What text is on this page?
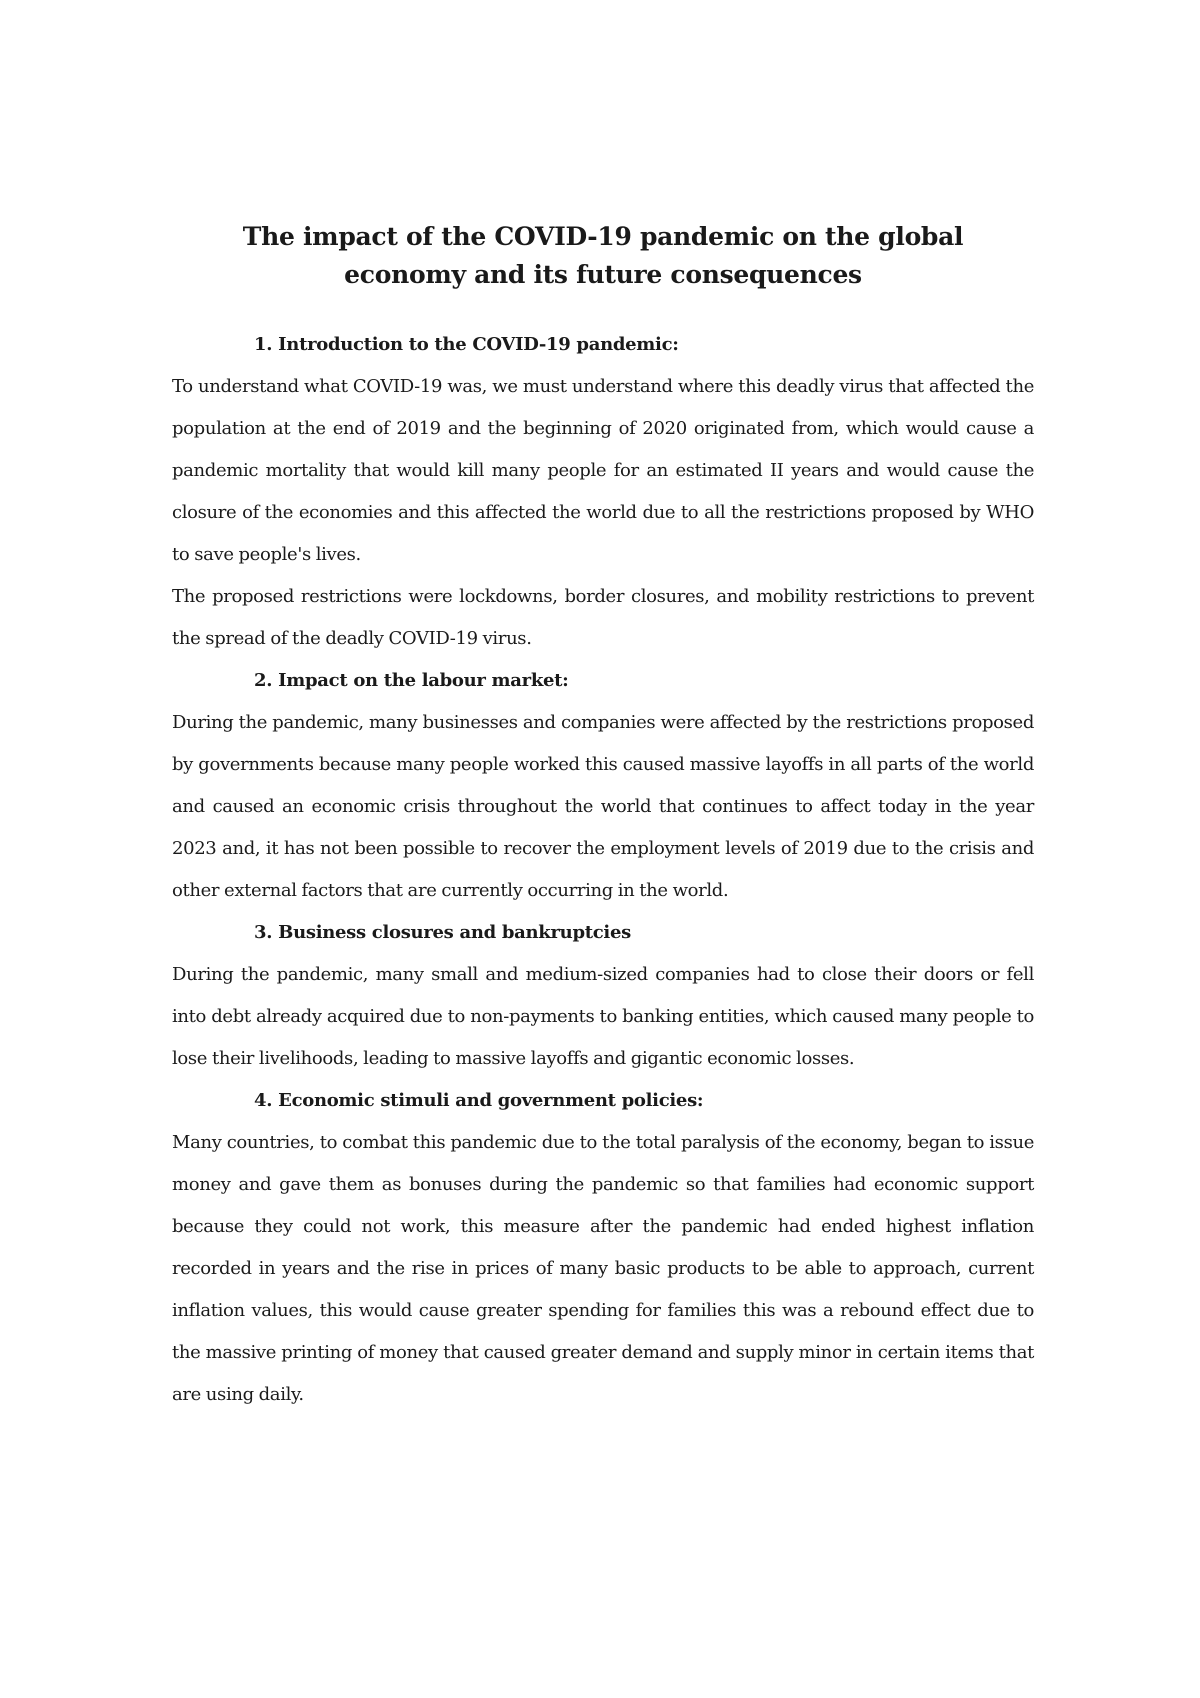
The impact of the COVID-19 pandemic on the global
economy and its future consequences

1. Introduction to the COVID-19 pandemic:

To understand what COVID-19 was, we must understand where this deadly virus that affected the population at the end of 2019 and the beginning of 2020 originated from, which would cause a pandemic mortality that would kill many people for an estimated II years and would cause the closure of the economies and this affected the world due to all the restrictions proposed by WHO to save people's lives.

The proposed restrictions were lockdowns, border closures, and mobility restrictions to prevent the spread of the deadly COVID-19 virus.

2. Impact on the labour market:

During the pandemic, many businesses and companies were affected by the restrictions proposed by governments because many people worked this caused massive layoffs in all parts of the world and caused an economic crisis throughout the world that continues to affect today in the year 2023 and, it has not been possible to recover the employment levels of 2019 due to the crisis and other external factors that are currently occurring in the world.

3. Business closures and bankruptcies

During the pandemic, many small and medium-sized companies had to close their doors or fell into debt already acquired due to non-payments to banking entities, which caused many people to lose their livelihoods, leading to massive layoffs and gigantic economic losses.

4. Economic stimuli and government policies:

Many countries, to combat this pandemic due to the total paralysis of the economy, began to issue money and gave them as bonuses during the pandemic so that families had economic support because they could not work, this measure after the pandemic had ended highest inflation recorded in years and the rise in prices of many basic products to be able to approach, current inflation values, this would cause greater spending for families this was a rebound effect due to the massive printing of money that caused greater demand and supply minor in certain items that are using daily.
